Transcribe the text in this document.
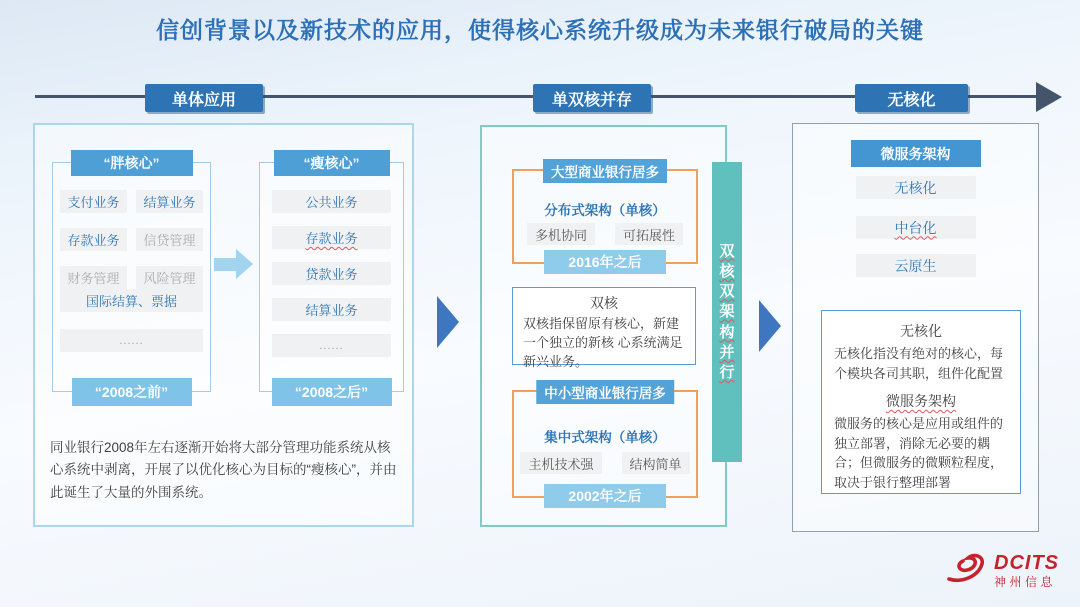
信创背景以及新技术的应用，使得核心系统升级成为未来银行破局的关键
单体应用	单双核并存	无核化
“胖核心”
支付业务	结算业务
存款业务	信贷管理
财务管理	风险管理
国际结算、票据
......
“2008之前”
“瘦核心”
公共业务
存款业务
贷款业务
结算业务
......
“2008之后”
同业银行2008年左右逐渐开始将大部分管理功能系统从核心系统中剥离，开展了以优化核心为目标的“瘦核心”，并由此诞生了大量的外围系统。
大型商业银行居多
分布式架构（单核）
多机协同	可拓展性
2016年之后
双核
双核指保留原有核心，新建一个独立的新核 心系统满足新兴业务。
中小型商业银行居多
集中式架构（单核）
主机技术强	结构简单
2002年之后
双
核
双
架
构
并
行
微服务架构
无核化
中台化
云原生
无核化
无核化指没有绝对的核心，每个模块各司其职，组件化配置
微服务架构
微服务的核心是应用或组件的独立部署，消除无必要的耦合；但微服务的微颗粒程度，取决于银行整理部署
DCITS
神州信息
